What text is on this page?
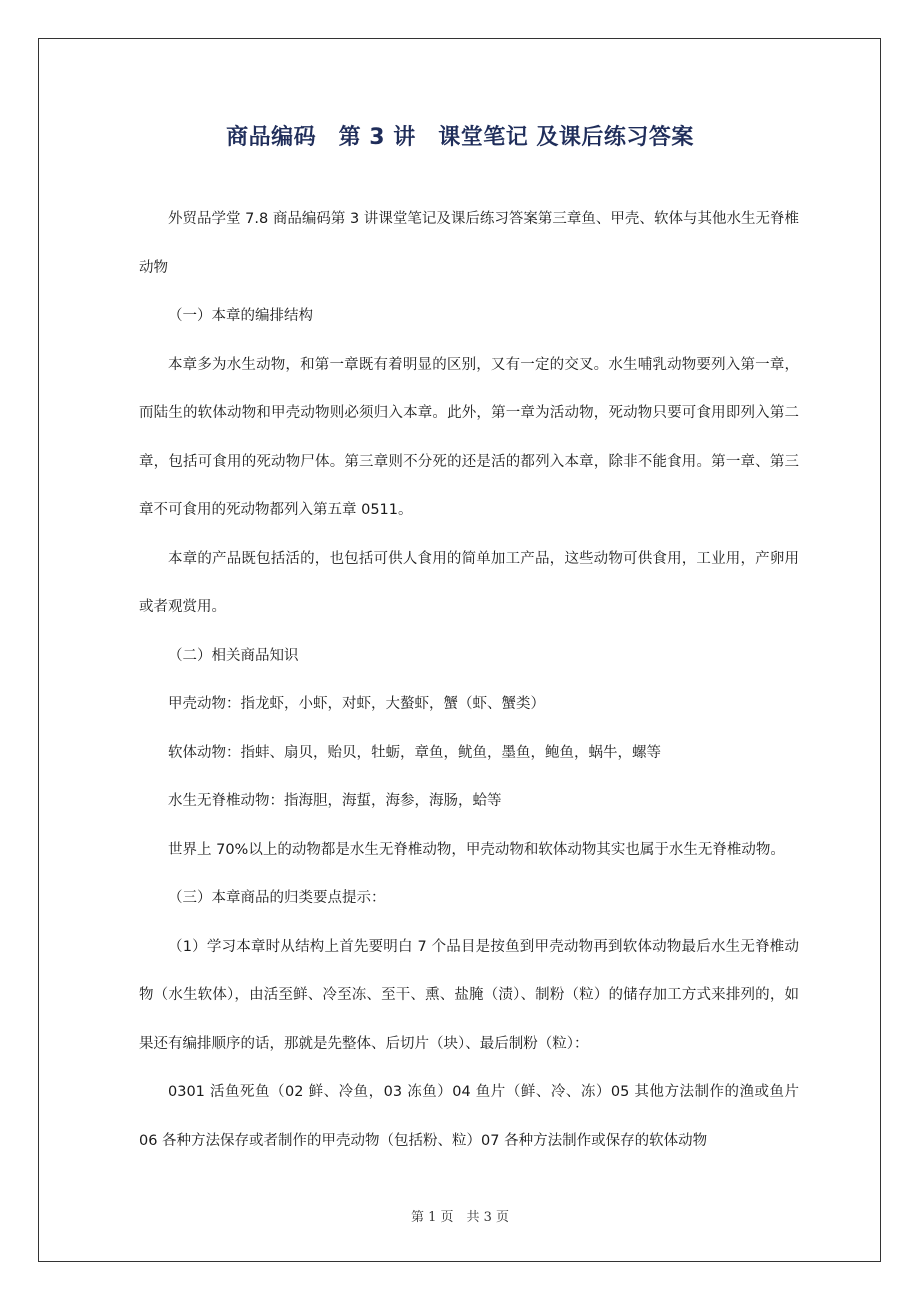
商品编码　第 3 讲　课堂笔记 及课后练习答案

外贸品学堂 7.8 商品编码第 3 讲课堂笔记及课后练习答案第三章鱼、甲壳、软体与其他水生无脊椎动物

（一）本章的编排结构

本章多为水生动物，和第一章既有着明显的区别，又有一定的交叉。水生哺乳动物要列入第一章，而陆生的软体动物和甲壳动物则必须归入本章。此外，第一章为活动物，死动物只要可食用即列入第二章，包括可食用的死动物尸体。第三章则不分死的还是活的都列入本章，除非不能食用。第一章、第三章不可食用的死动物都列入第五章 0511。

本章的产品既包括活的，也包括可供人食用的简单加工产品，这些动物可供食用，工业用，产卵用或者观赏用。

（二）相关商品知识

甲壳动物：指龙虾，小虾，对虾，大螯虾，蟹（虾、蟹类）

软体动物：指蚌、扇贝，贻贝，牡蛎，章鱼，鱿鱼，墨鱼，鲍鱼，蜗牛，螺等

水生无脊椎动物：指海胆，海蜇，海参，海肠，蛤等

世界上 70%以上的动物都是水生无脊椎动物，甲壳动物和软体动物其实也属于水生无脊椎动物。

（三）本章商品的归类要点提示：

（1）学习本章时从结构上首先要明白 7 个品目是按鱼到甲壳动物再到软体动物最后水生无脊椎动物（水生软体），由活至鲜、冷至冻、至干、熏、盐腌（渍）、制粉（粒）的储存加工方式来排列的，如果还有编排顺序的话，那就是先整体、后切片（块）、最后制粉（粒）：

0301 活鱼死鱼（02 鲜、冷鱼，03 冻鱼）04 鱼片（鲜、冷、冻）05 其他方法制作的渔或鱼片 06 各种方法保存或者制作的甲壳动物（包括粉、粒）07 各种方法制作或保存的软体动物

第 1 页　共 3 页
